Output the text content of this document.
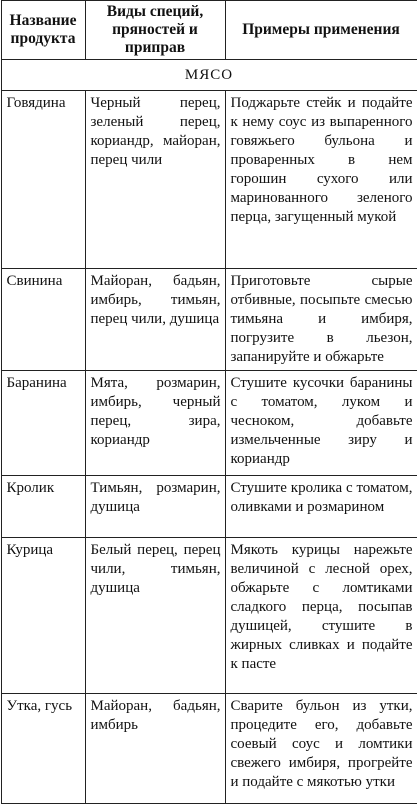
Название продукта	Виды специй, пряностей и приправ	Примеры применения
МЯСО		
Говядина	Черный перец, зеленый перец, кориандр, майоран, перец чили	Поджарьте стейк и подайте к нему соус из выпаренного говяжьего бульона и проваренных в нем горошин сухого или маринованного зеленого перца, загущенный мукой
Свинина	Майоран, бадьян, имбирь, тимьян, перец чили, душица	Приготовьте сырые отбивные, посыпьте смесью тимьяна и имбиря, погрузите в льезон, запанируйте и обжарьте
Баранина	Мята, розмарин, имбирь, черный перец, зира, кориандр	Стушите кусочки баранины с томатом, луком и чесноком, добавьте измельченные зиру и кориандр
Кролик	Тимьян, розмарин, душица	Стушите кролика с томатом, оливками и розмарином
Курица	Белый перец, перец чили, тимьян, душица	Мякоть курицы нарежьте величиной с лесной орех, обжарьте с ломтиками сладкого перца, посыпав душицей, стушите в жирных сливках и подайте к пасте
Утка, гусь	Майоран, бадьян, имбирь	Сварите бульон из утки, процедите его, добавьте соевый соус и ломтики свежего имбиря, прогрейте и подайте с мякотью утки
